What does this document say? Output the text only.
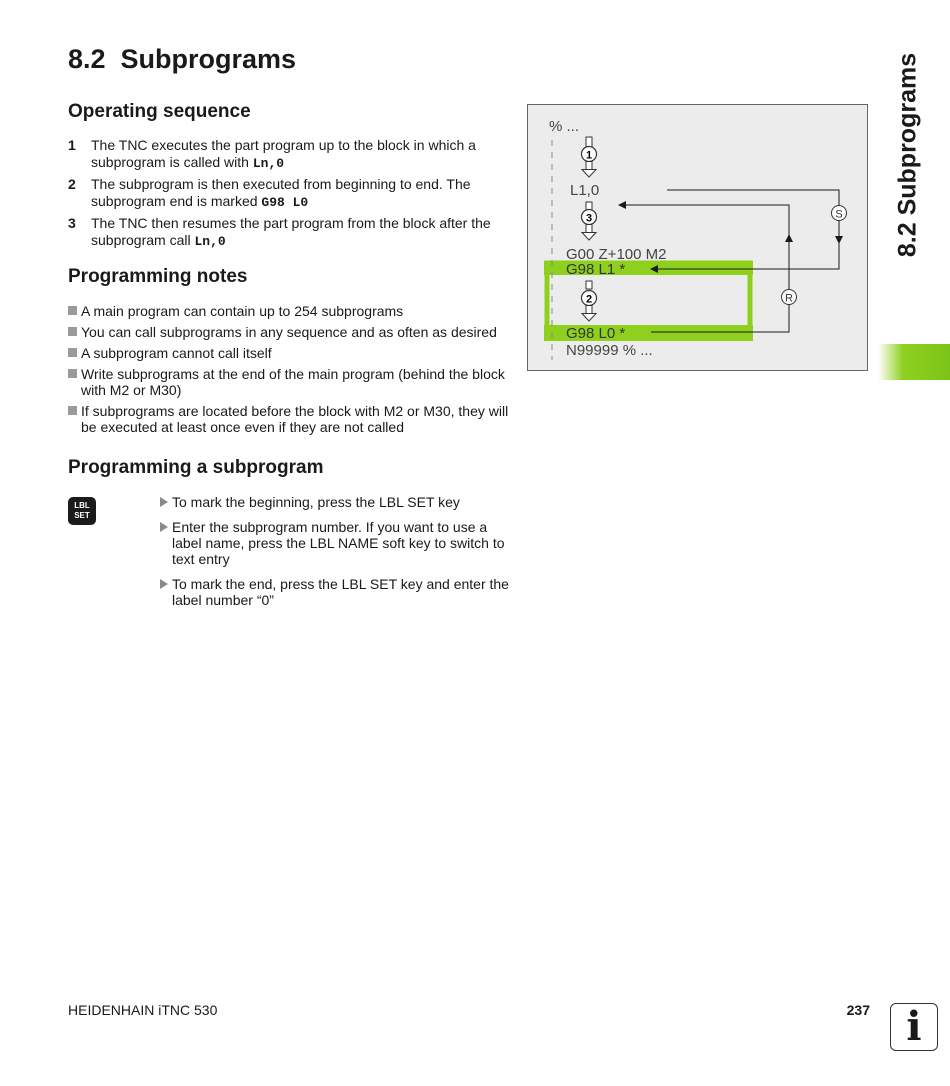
8.2  Subprograms
Operating sequence
1 The TNC executes the part program up to the block in which a subprogram is called with Ln,0
2 The subprogram is then executed from beginning to end. The subprogram end is marked G98 L0
3 The TNC then resumes the part program from the block after the subprogram call Ln,0
Programming notes
A main program can contain up to 254 subprograms
You can call subprograms in any sequence and as often as desired
A subprogram cannot call itself
Write subprograms at the end of the main program (behind the block with M2 or M30)
If subprograms are located before the block with M2 or M30, they will be executed at least once even if they are not called
Programming a subprogram
LBL
SET
To mark the beginning, press the LBL SET key
Enter the subprogram number. If you want to use a label name, press the LBL NAME soft key to switch to text entry
To mark the end, press the LBL SET key and enter the label number “0”
% ...
L1,0
G00 Z+100 M2
G98 L1 *
G98 L0 *
N99999 % ...
1
3
2
S
R
8.2 Subprograms
HEIDENHAIN iTNC 530	237 i
